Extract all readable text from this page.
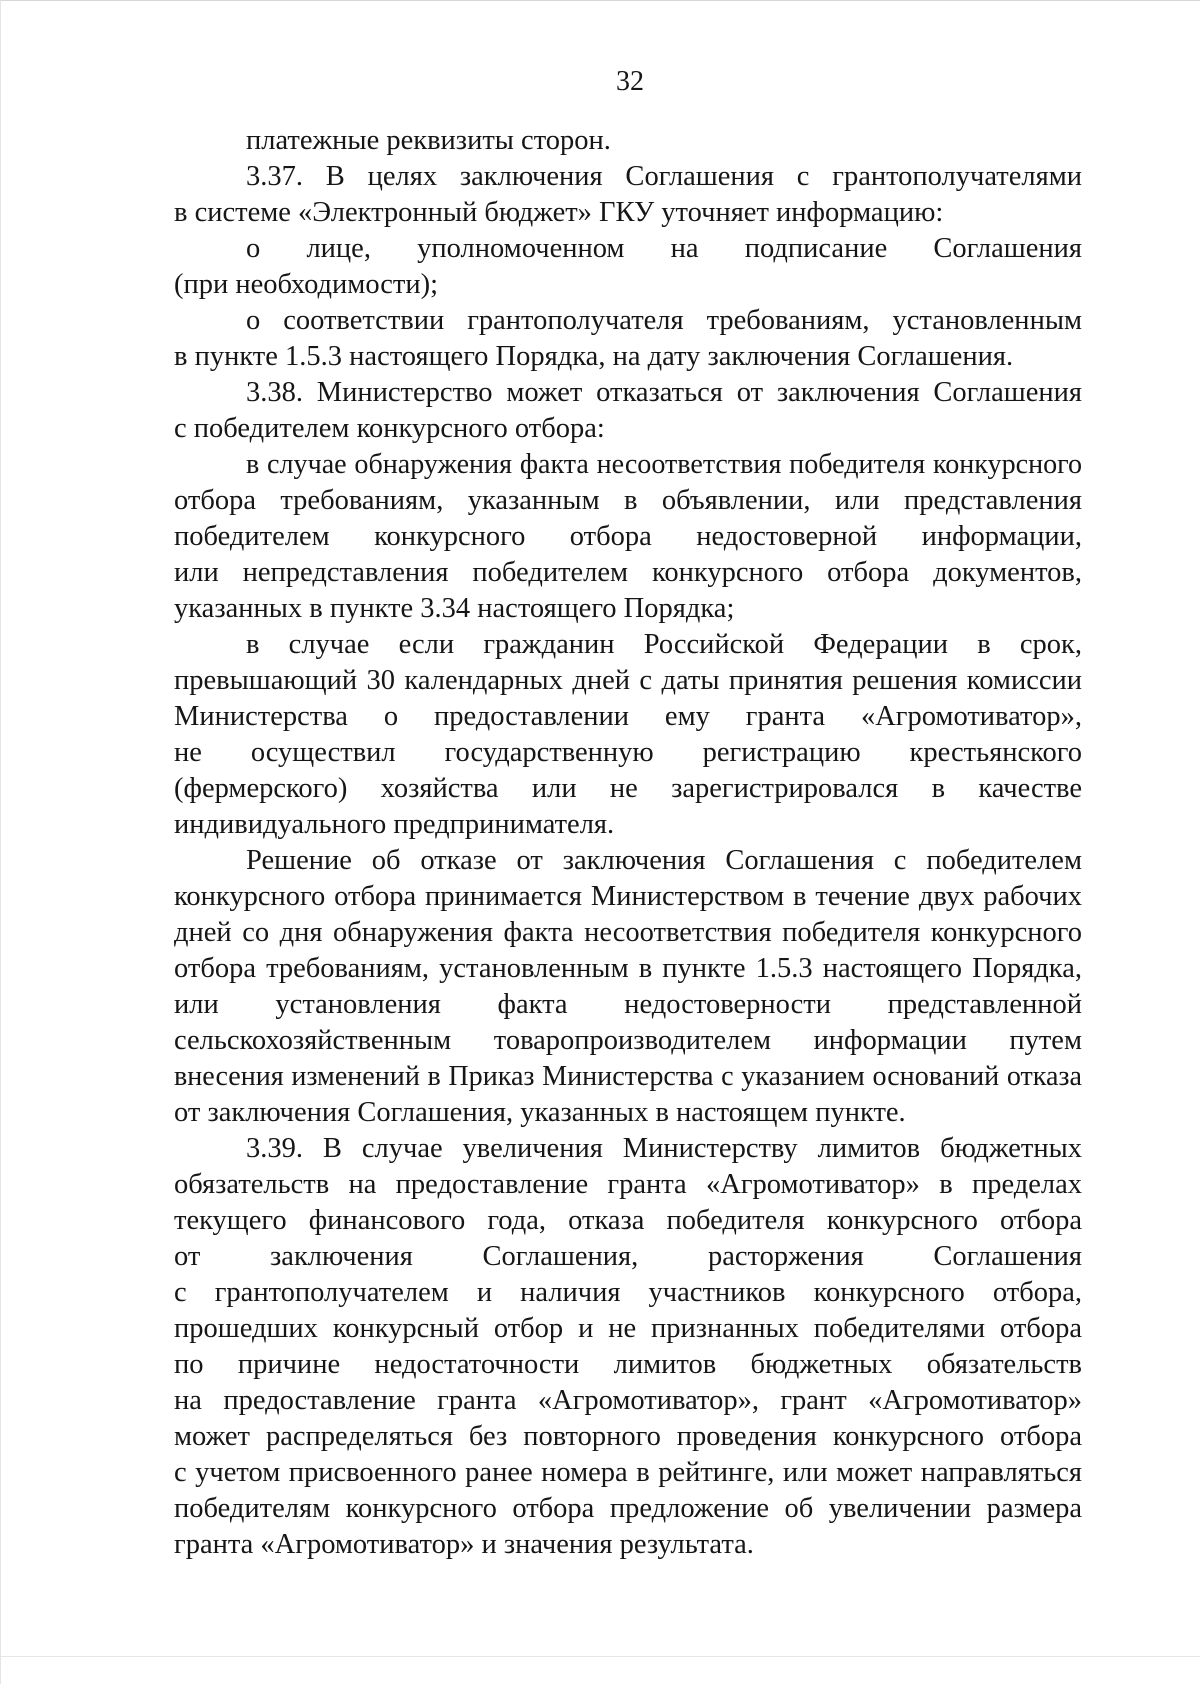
32
платежные реквизиты сторон.
3.37. В целях заключения Соглашения с грантополучателями
в системе «Электронный бюджет» ГКУ уточняет информацию:
о лице, уполномоченном на подписание Соглашения
(при необходимости);
о соответствии грантополучателя требованиям, установленным
в пункте 1.5.3 настоящего Порядка, на дату заключения Соглашения.
3.38. Министерство может отказаться от заключения Соглашения
с победителем конкурсного отбора:
в случае обнаружения факта несоответствия победителя конкурсного
отбора требованиям, указанным в объявлении, или представления
победителем конкурсного отбора недостоверной информации,
или непредставления победителем конкурсного отбора документов,
указанных в пункте 3.34 настоящего Порядка;
в случае если гражданин Российской Федерации в срок,
превышающий 30 календарных дней с даты принятия решения комиссии
Министерства о предоставлении ему гранта «Агромотиватор»,
не осуществил государственную регистрацию крестьянского
(фермерского) хозяйства или не зарегистрировался в качестве
индивидуального предпринимателя.
Решение об отказе от заключения Соглашения с победителем
конкурсного отбора принимается Министерством в течение двух рабочих
дней со дня обнаружения факта несоответствия победителя конкурсного
отбора требованиям, установленным в пункте 1.5.3 настоящего Порядка,
или установления факта недостоверности представленной
сельскохозяйственным товаропроизводителем информации путем
внесения изменений в Приказ Министерства с указанием оснований отказа
от заключения Соглашения, указанных в настоящем пункте.
3.39. В случае увеличения Министерству лимитов бюджетных
обязательств на предоставление гранта «Агромотиватор» в пределах
текущего финансового года, отказа победителя конкурсного отбора
от заключения Соглашения, расторжения Соглашения
с грантополучателем и наличия участников конкурсного отбора,
прошедших конкурсный отбор и не признанных победителями отбора
по причине недостаточности лимитов бюджетных обязательств
на предоставление гранта «Агромотиватор», грант «Агромотиватор»
может распределяться без повторного проведения конкурсного отбора
с учетом присвоенного ранее номера в рейтинге, или может направляться
победителям конкурсного отбора предложение об увеличении размера
гранта «Агромотиватор» и значения результата.
